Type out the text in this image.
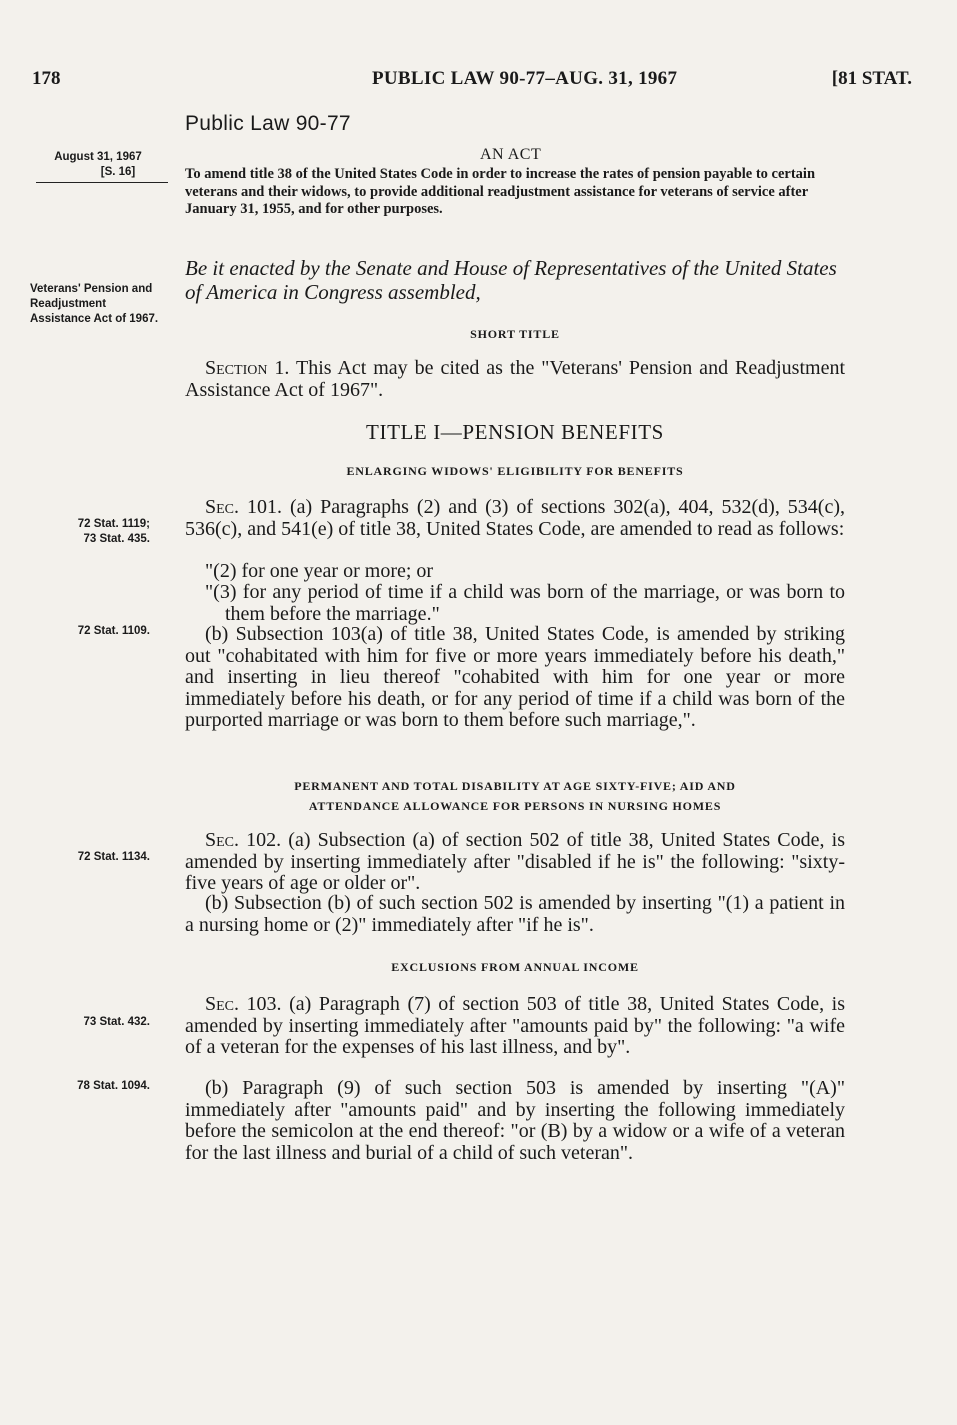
178	PUBLIC LAW 90-77–AUG. 31, 1967	[81 STAT.
Public Law 90-77
August 31, 1967
[S. 16]
Veterans' Pension and Readjustment Assistance Act of 1967.
72 Stat. 1119;
73 Stat. 435.
72 Stat. 1109.
72 Stat. 1134.
73 Stat. 432.
78 Stat. 1094.
AN ACT
To amend title 38 of the United States Code in order to increase the rates of pension payable to certain veterans and their widows, to provide additional readjustment assistance for veterans of service after January 31, 1955, and for other purposes.
Be it enacted by the Senate and House of Representatives of the United States of America in Congress assembled,
SHORT TITLE
Section 1. This Act may be cited as the "Veterans' Pension and Readjustment Assistance Act of 1967".
TITLE I—PENSION BENEFITS
ENLARGING WIDOWS' ELIGIBILITY FOR BENEFITS
Sec. 101. (a) Paragraphs (2) and (3) of sections 302(a), 404, 532(d), 534(c), 536(c), and 541(e) of title 38, United States Code, are amended to read as follows:
"(2) for one year or more; or
"(3) for any period of time if a child was born of the marriage, or was born to them before the marriage."
(b) Subsection 103(a) of title 38, United States Code, is amended by striking out "cohabitated with him for five or more years immediately before his death," and inserting in lieu thereof "cohabited with him for one year or more immediately before his death, or for any period of time if a child was born of the purported marriage or was born to them before such marriage,".
PERMANENT AND TOTAL DISABILITY AT AGE SIXTY-FIVE; AID AND
ATTENDANCE ALLOWANCE FOR PERSONS IN NURSING HOMES
Sec. 102. (a) Subsection (a) of section 502 of title 38, United States Code, is amended by inserting immediately after "disabled if he is" the following: "sixty-five years of age or older or".
(b) Subsection (b) of such section 502 is amended by inserting "(1) a patient in a nursing home or (2)" immediately after "if he is".
EXCLUSIONS FROM ANNUAL INCOME
Sec. 103. (a) Paragraph (7) of section 503 of title 38, United States Code, is amended by inserting immediately after "amounts paid by" the following: "a wife of a veteran for the expenses of his last illness, and by".
(b) Paragraph (9) of such section 503 is amended by inserting "(A)" immediately after "amounts paid" and by inserting the following immediately before the semicolon at the end thereof: "or (B) by a widow or a wife of a veteran for the last illness and burial of a child of such veteran".
